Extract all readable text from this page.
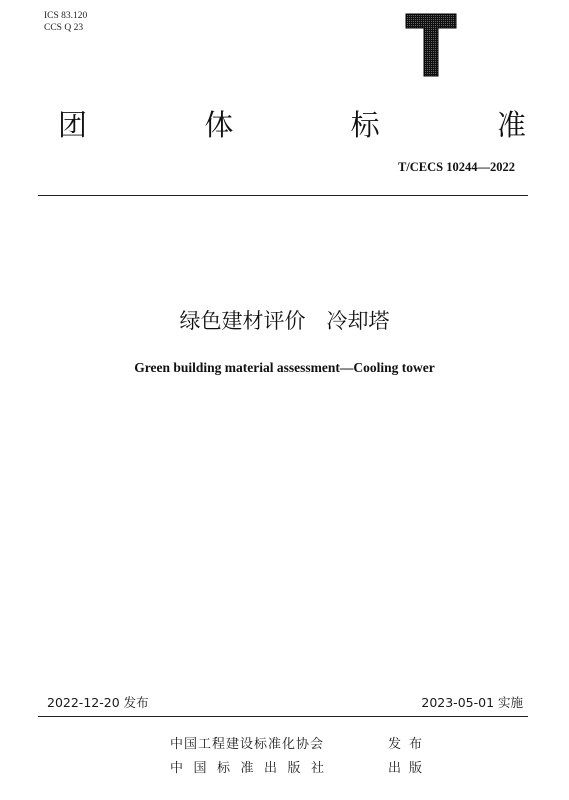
ICS 83.120
CCS Q 23
团	体	标	准
T/CECS 10244—2022
绿色建材评价　冷却塔
Green building material assessment—Cooling tower
2022-12-20 发布	2023-05-01 实施
中国工程建设标准化协会	发布
中国标准出版社	出版
